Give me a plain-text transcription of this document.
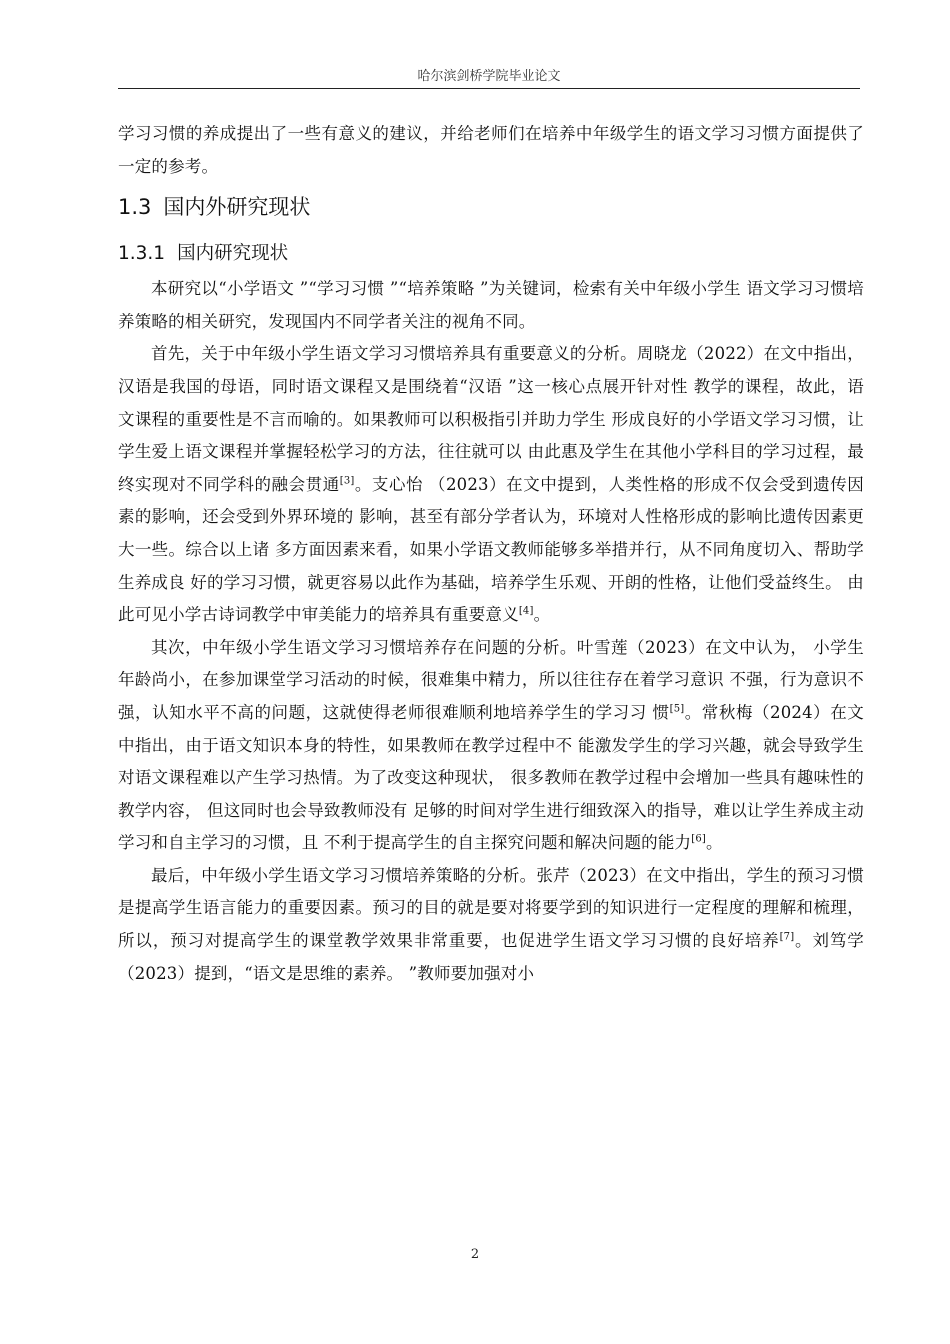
哈尔滨剑桥学院毕业论文

学习习惯的养成提出了一些有意义的建议，并给老师们在培养中年级学生的语文学习习惯方面提供了一定的参考。

1.3 国内外研究现状
1.3.1 国内研究现状

本研究以“小学语文 ”“学习习惯 ”“培养策略 ”为关键词，检索有关中年级小学生 语文学习习惯培养策略的相关研究，发现国内不同学者关注的视角不同。

首先，关于中年级小学生语文学习习惯培养具有重要意义的分析。周晓龙（2022）在文中指出，汉语是我国的母语，同时语文课程又是围绕着“汉语 ”这一核心点展开针对性 教学的课程，故此，语文课程的重要性是不言而喻的。如果教师可以积极指引并助力学生 形成良好的小学语文学习习惯，让学生爱上语文课程并掌握轻松学习的方法，往往就可以 由此惠及学生在其他小学科目的学习过程，最终实现对不同学科的融会贯通[3]。支心怡 （2023）在文中提到，人类性格的形成不仅会受到遗传因素的影响，还会受到外界环境的 影响，甚至有部分学者认为，环境对人性格形成的影响比遗传因素更大一些。综合以上诸 多方面因素来看，如果小学语文教师能够多举措并行，从不同角度切入、帮助学生养成良 好的学习习惯，就更容易以此作为基础，培养学生乐观、开朗的性格，让他们受益终生。 由此可见小学古诗词教学中审美能力的培养具有重要意义[4]。

其次，中年级小学生语文学习习惯培养存在问题的分析。叶雪莲（2023）在文中认为， 小学生年龄尚小，在参加课堂学习活动的时候，很难集中精力，所以往往存在着学习意识 不强，行为意识不强，认知水平不高的问题，这就使得老师很难顺利地培养学生的学习习 惯[5]。常秋梅（2024）在文中指出，由于语文知识本身的特性，如果教师在教学过程中不 能激发学生的学习兴趣，就会导致学生对语文课程难以产生学习热情。为了改变这种现状， 很多教师在教学过程中会增加一些具有趣味性的教学内容， 但这同时也会导致教师没有 足够的时间对学生进行细致深入的指导，难以让学生养成主动学习和自主学习的习惯，且 不利于提高学生的自主探究问题和解决问题的能力[6]。

最后，中年级小学生语文学习习惯培养策略的分析。张芹（2023）在文中指出，学生的预习习惯是提高学生语言能力的重要因素。预习的目的就是要对将要学到的知识进行一定程度的理解和梳理，所以，预习对提高学生的课堂教学效果非常重要，也促进学生语文学习习惯的良好培养[7]。刘笃学（2023）提到，“语文是思维的素养。 ”教师要加强对小

2
